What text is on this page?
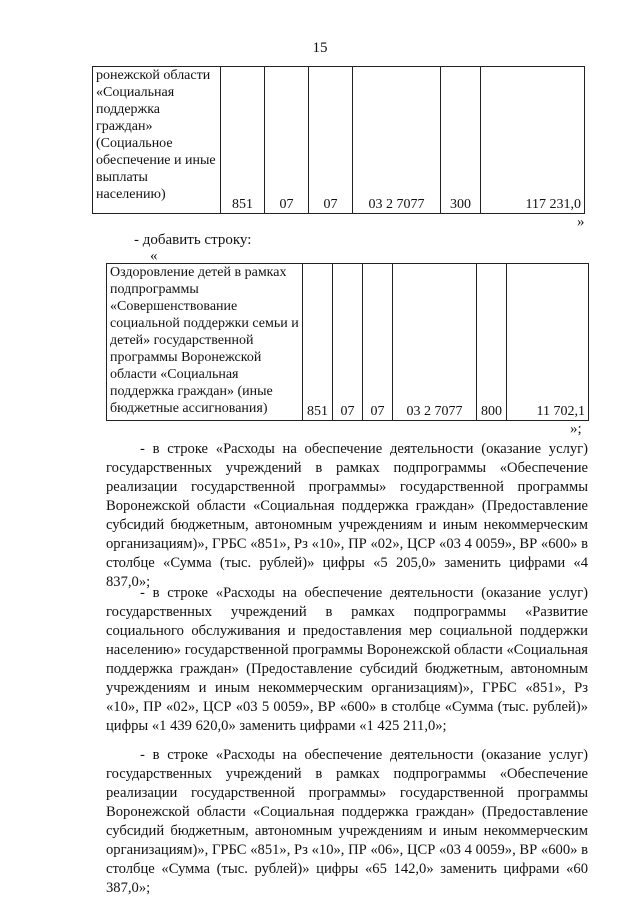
15
ронежской области «Социальная поддержка граждан» (Социальное обеспечение и иные выплаты населению)	851	07	07	03 2 7077	300	117 231,0
»
- добавить строку:
«
Оздоровление детей в рамках подпрограммы «Совершенствование социальной поддержки семьи и детей» государственной программы Воронежской области «Социальная поддержка граждан» (иные бюджетные ассигнования)	851	07	07	03 2 7077	800	11 702,1
»;

- в строке «Расходы на обеспечение деятельности (оказание услуг) государственных учреждений в рамках подпрограммы «Обеспечение реализации государственной программы» государственной программы Воронежской области «Социальная поддержка граждан» (Предоставление субсидий бюджетным, автономным учреждениям и иным некоммерческим организациям)», ГРБС «851», Рз «10», ПР «02», ЦСР «03 4 0059», ВР «600» в столбце «Сумма (тыс. рублей)» цифры «5 205,0» заменить цифрами «4 837,0»;

- в строке «Расходы на обеспечение деятельности (оказание услуг) государственных учреждений в рамках подпрограммы «Развитие социального обслуживания и предоставления мер социальной поддержки населению» государственной программы Воронежской области «Социальная поддержка граждан» (Предоставление субсидий бюджетным, автономным учреждениям и иным некоммерческим организациям)», ГРБС «851», Рз «10», ПР «02», ЦСР «03 5 0059», ВР «600» в столбце «Сумма (тыс. рублей)» цифры «1 439 620,0» заменить цифрами «1 425 211,0»;

- в строке «Расходы на обеспечение деятельности (оказание услуг) государственных учреждений в рамках подпрограммы «Обеспечение реализации государственной программы» государственной программы Воронежской области «Социальная поддержка граждан» (Предоставление субсидий бюджетным, автономным учреждениям и иным некоммерческим организациям)», ГРБС «851», Рз «10», ПР «06», ЦСР «03 4 0059», ВР «600» в столбце «Сумма (тыс. рублей)» цифры «65 142,0» заменить цифрами «60 387,0»;
